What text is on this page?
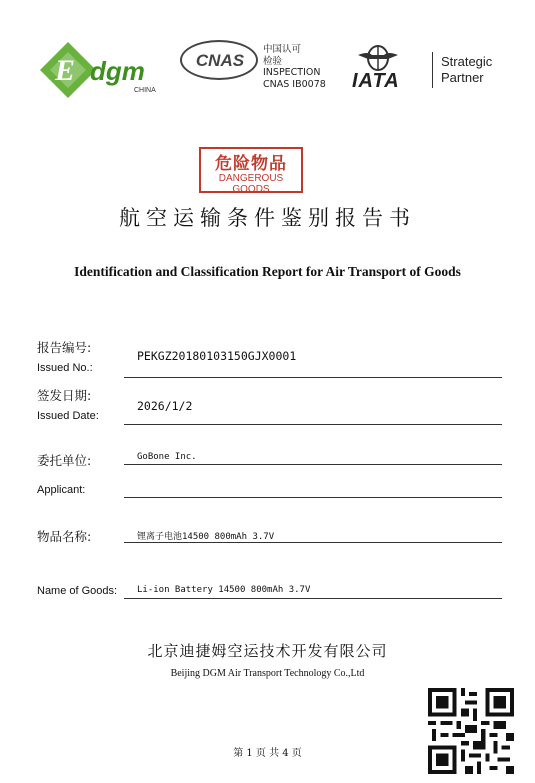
E dgm
CHINA
CNAS
中国认可
检验
INSPECTION
CNAS IB0078 IATA
Strategic
Partner
危险物品
DANGEROUS GOODS
航空运输条件鉴别报告书
Identification and Classification Report for Air Transport of Goods
报告编号:
Issued No.:
PEKGZ20180103150GJX0001
签发日期:
Issued Date:
2026/1/2
委托单位:	GoBone Inc.
Applicant:
物品名称:	锂离子电池14500 800mAh 3.7V
Name of Goods: Li-ion Battery 14500 800mAh 3.7V
北京迪捷姆空运技术开发有限公司
Beijing DGM Air Transport Technology Co.,Ltd
第 1 页 共 4 页
